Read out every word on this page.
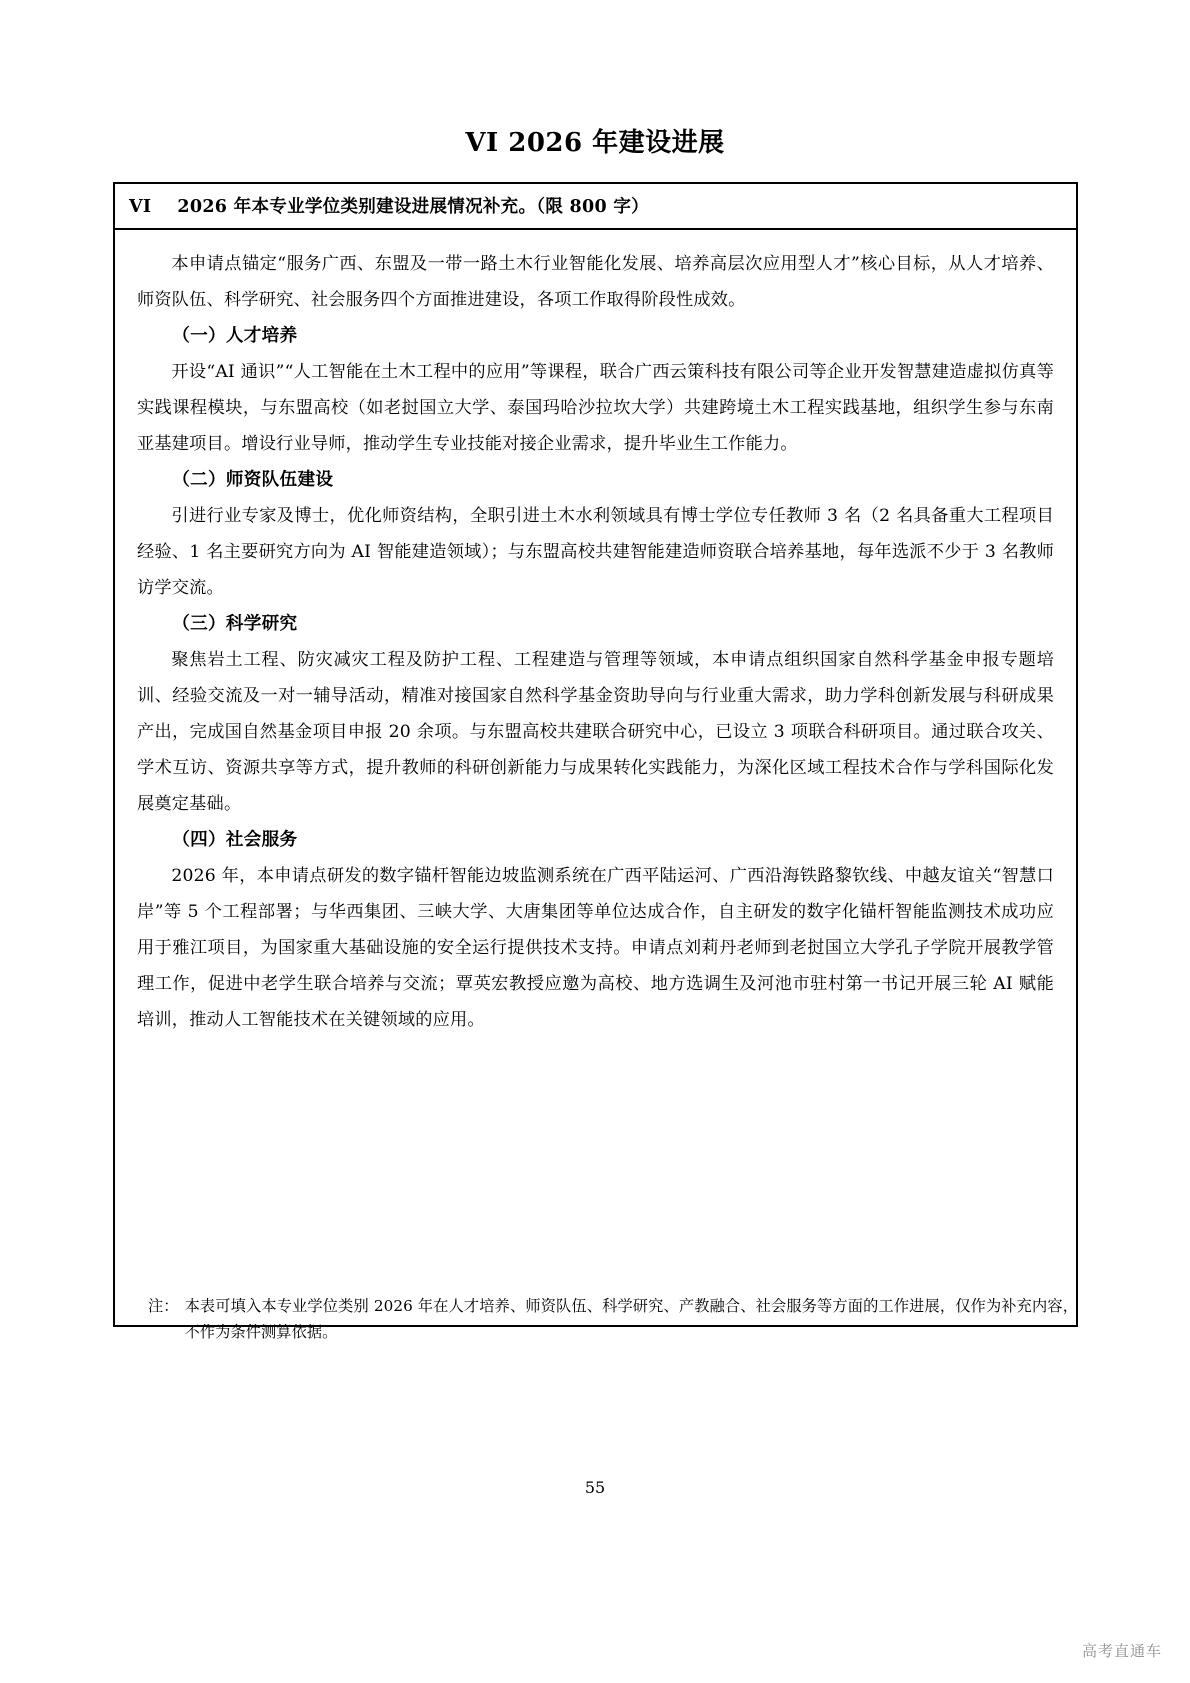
VI 2026 年建设进展
VI 2026 年本专业学位类别建设进展情况补充。（限 800 字）

本申请点锚定“服务广西、东盟及一带一路土木行业智能化发展、培养高层次应用型人才”核心目标，从人才培养、师资队伍、科学研究、社会服务四个方面推进建设，各项工作取得阶段性成效。

（一）人才培养

开设“AI 通识”“人工智能在土木工程中的应用”等课程，联合广西云策科技有限公司等企业开发智慧建造虚拟仿真等实践课程模块，与东盟高校（如老挝国立大学、泰国玛哈沙拉坎大学）共建跨境土木工程实践基地，组织学生参与东南亚基建项目。增设行业导师，推动学生专业技能对接企业需求，提升毕业生工作能力。

（二）师资队伍建设

引进行业专家及博士，优化师资结构，全职引进土木水利领域具有博士学位专任教师 3 名（2 名具备重大工程项目经验、1 名主要研究方向为 AI 智能建造领域）；与东盟高校共建智能建造师资联合培养基地，每年选派不少于 3 名教师访学交流。

（三）科学研究

聚焦岩土工程、防灾减灾工程及防护工程、工程建造与管理等领域，本申请点组织国家自然科学基金申报专题培训、经验交流及一对一辅导活动，精准对接国家自然科学基金资助导向与行业重大需求，助力学科创新发展与科研成果产出，完成国自然基金项目申报 20 余项。与东盟高校共建联合研究中心，已设立 3 项联合科研项目。通过联合攻关、学术互访、资源共享等方式，提升教师的科研创新能力与成果转化实践能力，为深化区域工程技术合作与学科国际化发展奠定基础。

（四）社会服务

2026 年，本申请点研发的数字锚杆智能边坡监测系统在广西平陆运河、广西沿海铁路黎钦线、中越友谊关“智慧口岸”等 5 个工程部署；与华西集团、三峡大学、大唐集团等单位达成合作，自主研发的数字化锚杆智能监测技术成功应用于雅江项目，为国家重大基础设施的安全运行提供技术支持。申请点刘莉丹老师到老挝国立大学孔子学院开展教学管理工作，促进中老学生联合培养与交流；覃英宏教授应邀为高校、地方选调生及河池市驻村第一书记开展三轮 AI 赋能培训，推动人工智能技术在关键领域的应用。

注： 本表可填入本专业学位类别 2026 年在人才培养、师资队伍、科学研究、产教融合、社会服务等方面的工作进展，仅作为补充内容，不作为条件测算依据。
55
高考直通车
